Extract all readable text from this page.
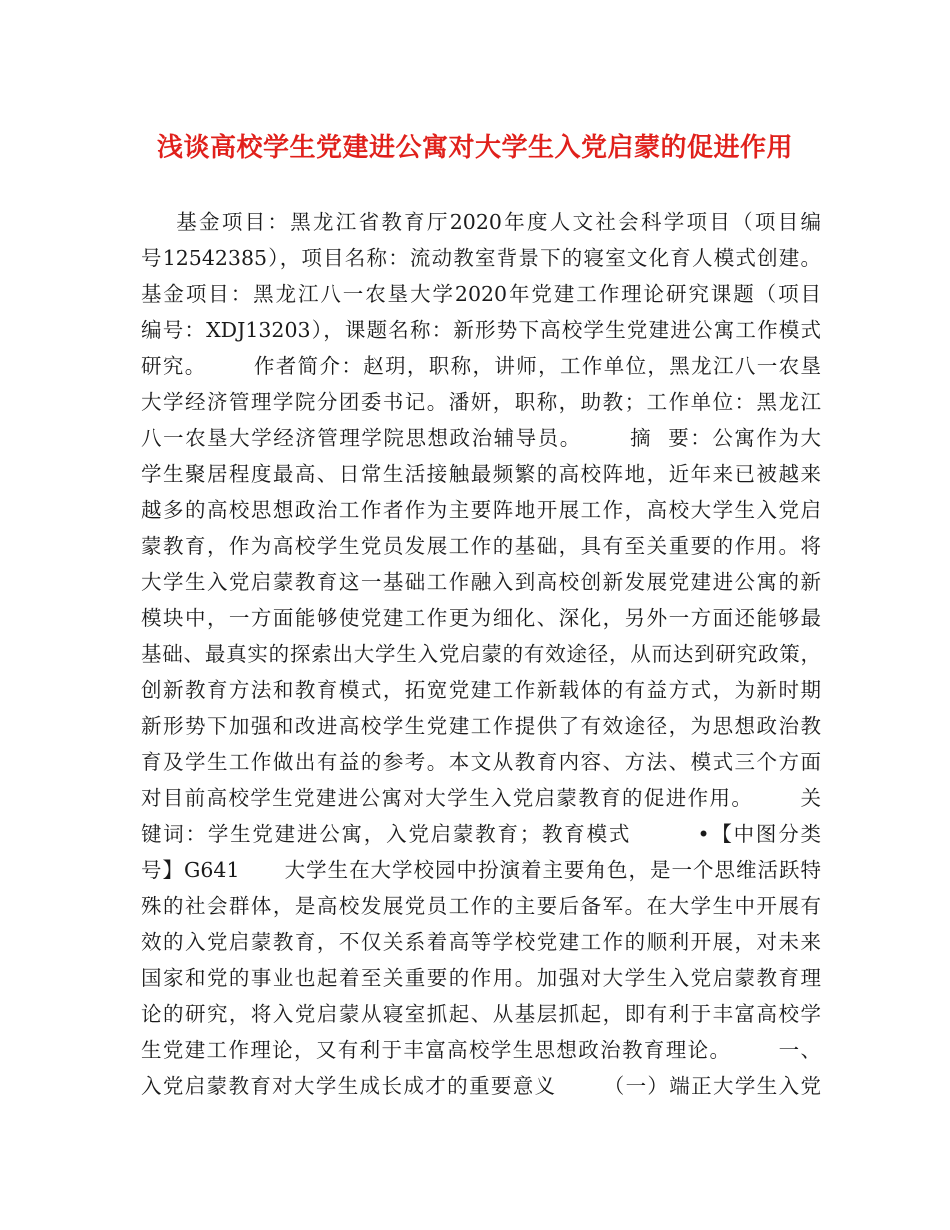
浅谈高校学生党建进公寓对大学生入党启蒙的促进作用
基金项目：黑龙江省教育厅2020年度人文社会科学项目（项目编
号12542385），项目名称：流动教室背景下的寝室文化育人模式创建。
基金项目：黑龙江八一农垦大学2020年党建工作理论研究课题（项目
编号：XDJ13203），课题名称：新形势下高校学生党建进公寓工作模式
研究。      作者简介：赵玥，职称，讲师，工作单位，黑龙江八一农垦
大学经济管理学院分团委书记。潘妍，职称，助教；工作单位：黑龙江
八一农垦大学经济管理学院思想政治辅导员。      摘  要：公寓作为大
学生聚居程度最高、日常生活接触最频繁的高校阵地，近年来已被越来
越多的高校思想政治工作者作为主要阵地开展工作，高校大学生入党启
蒙教育，作为高校学生党员发展工作的基础，具有至关重要的作用。将
大学生入党启蒙教育这一基础工作融入到高校创新发展党建进公寓的新
模块中，一方面能够使党建工作更为细化、深化，另外一方面还能够最
基础、最真实的探索出大学生入党启蒙的有效途径，从而达到研究政策，
创新教育方法和教育模式，拓宽党建工作新载体的有益方式，为新时期
新形势下加强和改进高校学生党建工作提供了有效途径，为思想政治教
育及学生工作做出有益的参考。本文从教育内容、方法、模式三个方面
对目前高校学生党建进公寓对大学生入党启蒙教育的促进作用。      关
键词：学生党建进公寓，入党启蒙教育；教育模式        •【中图分类
号】G641      大学生在大学校园中扮演着主要角色，是一个思维活跃特
殊的社会群体，是高校发展党员工作的主要后备军。在大学生中开展有
效的入党启蒙教育，不仅关系着高等学校党建工作的顺利开展，对未来
国家和党的事业也起着至关重要的作用。加强对大学生入党启蒙教育理
论的研究，将入党启蒙从寝室抓起、从基层抓起，即有利于丰富高校学
生党建工作理论，又有利于丰富高校学生思想政治教育理论。      一、
入党启蒙教育对大学生成长成才的重要意义      （一）端正大学生入党
